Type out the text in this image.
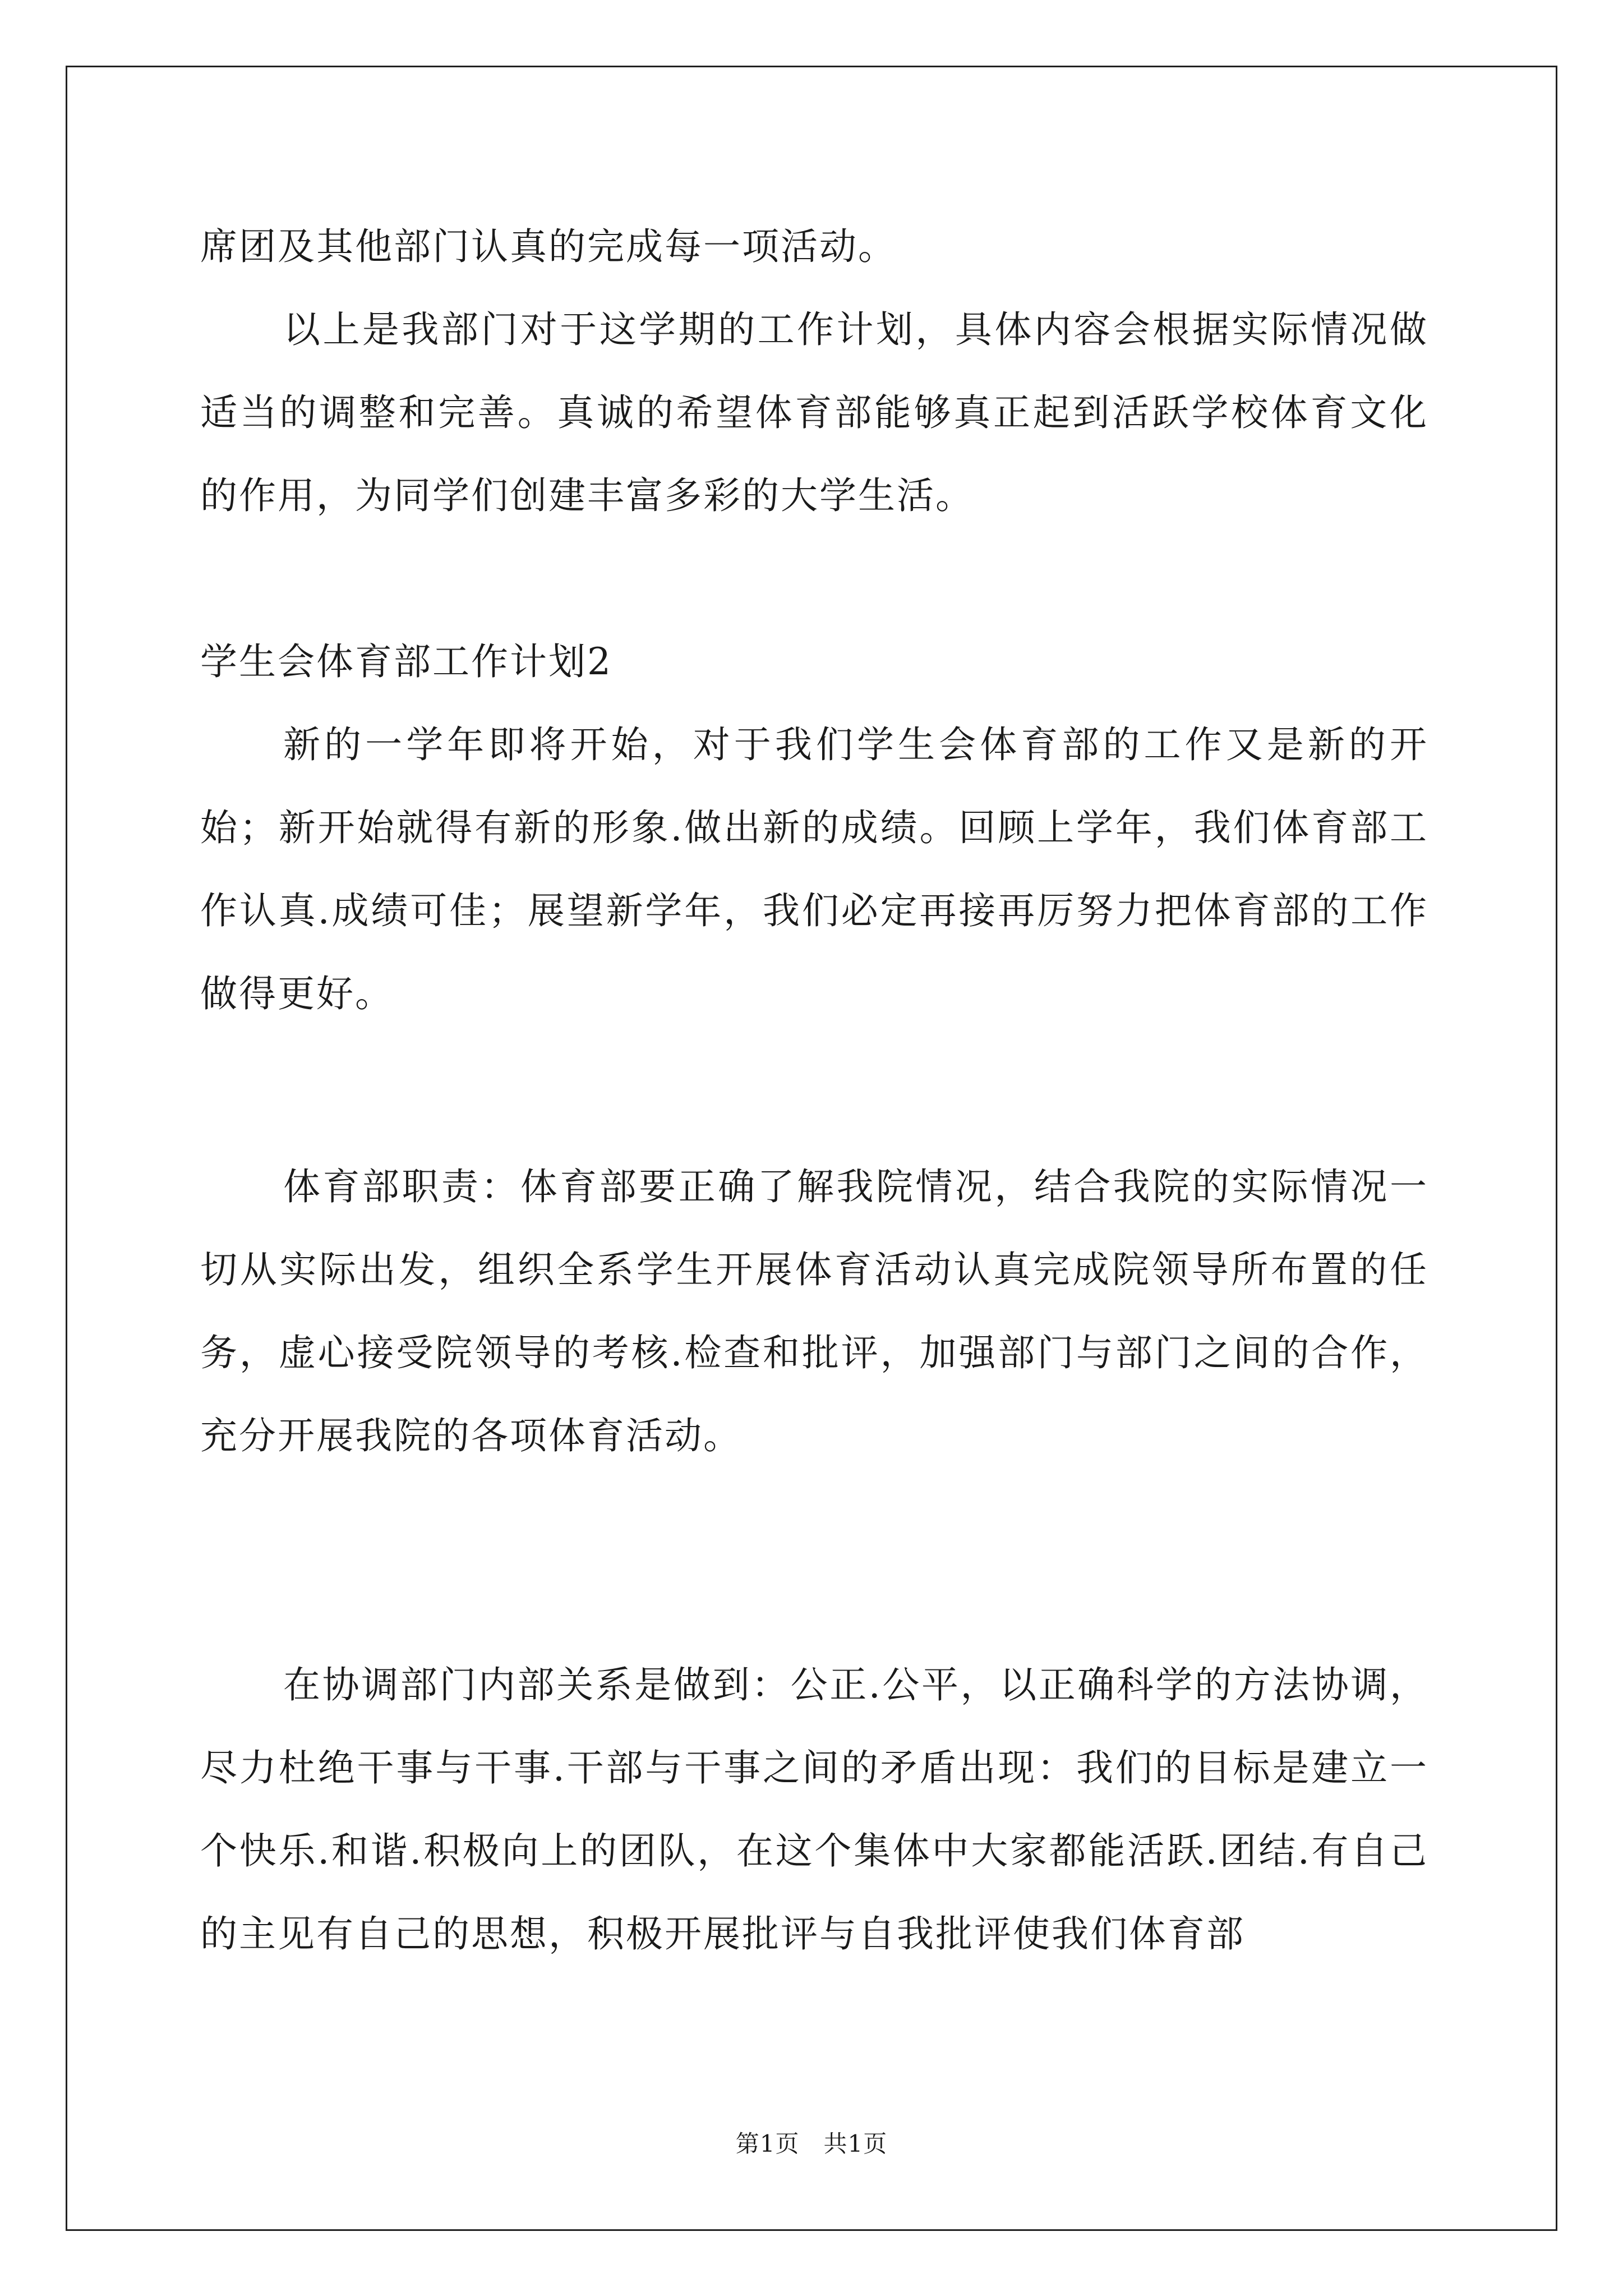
席团及其他部门认真的完成每一项活动。
以上是我部门对于这学期的工作计划，具体内容会根据实际情况做适当的调整和完善。真诚的希望体育部能够真正起到活跃学校体育文化的作用，为同学们创建丰富多彩的大学生活。
学生会体育部工作计划2
新的一学年即将开始，对于我们学生会体育部的工作又是新的开始；新开始就得有新的形象.做出新的成绩。回顾上学年，我们体育部工作认真.成绩可佳；展望新学年，我们必定再接再厉努力把体育部的工作做得更好。
体育部职责：体育部要正确了解我院情况，结合我院的实际情况一切从实际出发，组织全系学生开展体育活动认真完成院领导所布置的任务，虚心接受院领导的考核.检查和批评，加强部门与部门之间的合作，充分开展我院的各项体育活动。
在协调部门内部关系是做到：公正.公平，以正确科学的方法协调，尽力杜绝干事与干事.干部与干事之间的矛盾出现：我们的目标是建立一个快乐.和谐.积极向上的团队，在这个集体中大家都能活跃.团结.有自己的主见有自己的思想，积极开展批评与自我批评使我们体育部
第1页　共1页
